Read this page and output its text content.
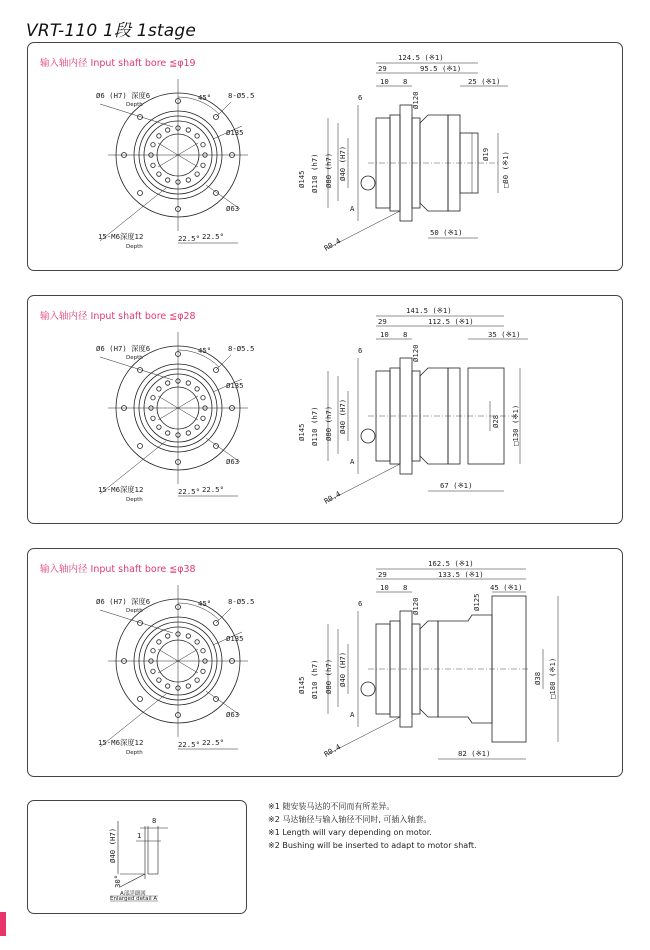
VRT-110 1段 1stage
输入轴内径 Input shaft bore ≦φ19
Ø6 (H7) 深度6
Depth
45° 8-Ø5.5
Ø135
Ø63
15-M6深度12
Depth
22.5° 22.5°
124.5 (※1)
29	95.5 (※1)
10 8
6
25 (※1)
Ø120
Ø145 Ø110 (h7) Ø80 (h7) Ø40 (H7)	Ø19 □80 (※1)
50 (※1)
R0.4
A
输入轴内径 Input shaft bore ≦φ28
Ø6 (H7) 深度6
Depth
45° 8-Ø5.5
Ø135
Ø63
15-M6深度12
Depth
22.5° 22.5°
141.5 (※1)
29	112.5 (※1)
10 8
6
35 (※1)
Ø120
Ø145 Ø110 (h7) Ø80 (h7) Ø40 (H7)	Ø28 □130 (※1)
67 (※1)
R0.4
A
输入轴内径 Input shaft bore ≦φ38
Ø6 (H7) 深度6
Depth
45° 8-Ø5.5
Ø135
Ø63
15-M6深度12
Depth
22.5° 22.5°
162.5 (※1)
29	133.5 (※1)
10 8
6
45 (※1)
Ø120	Ø125
Ø145 Ø110 (h7) Ø80 (h7) Ø40 (H7)	Ø38 □180 (※1)
82 (※1)
R0.4
A
8
1
Ø40 (H7)
30°
A部詳細図
Enlarged detail A
※1 随安装马达的不同而有所差异。
※2 马达轴径与输入轴径不同时, 可插入轴套。
※1 Length will vary depending on motor.
※2 Bushing will be inserted to adapt to motor shaft.
